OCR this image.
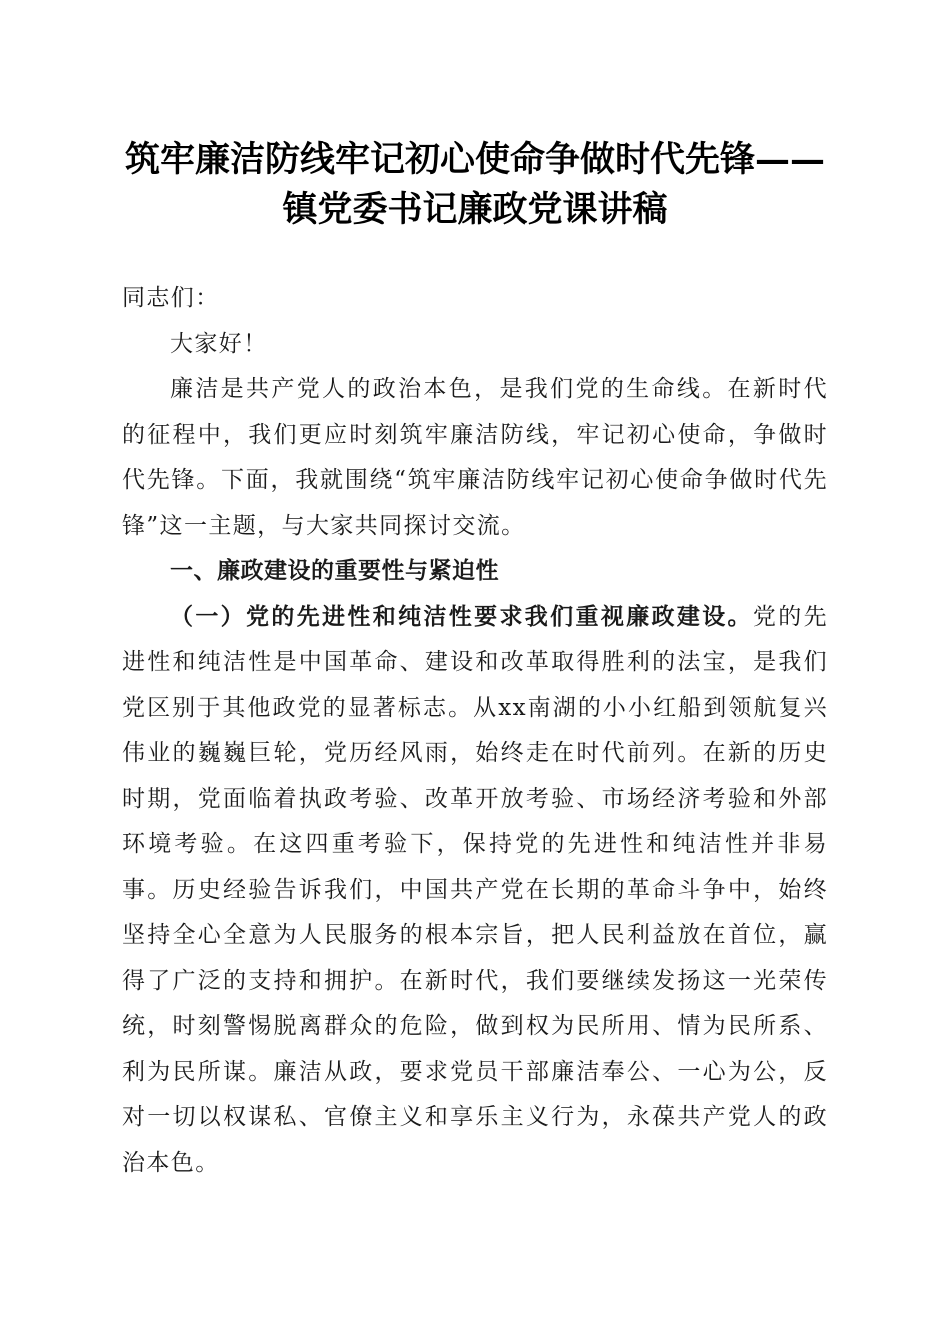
筑牢廉洁防线牢记初心使命争做时代先锋——
镇党委书记廉政党课讲稿

同志们：

大家好！

廉洁是共产党人的政治本色，是我们党的生命线。在新时代的征程中，我们更应时刻筑牢廉洁防线，牢记初心使命，争做时代先锋。下面，我就围绕“筑牢廉洁防线牢记初心使命争做时代先锋”这一主题，与大家共同探讨交流。

一、廉政建设的重要性与紧迫性

（一）党的先进性和纯洁性要求我们重视廉政建设。党的先进性和纯洁性是中国革命、建设和改革取得胜利的法宝，是我们党区别于其他政党的显著标志。从xx南湖的小小红船到领航复兴伟业的巍巍巨轮，党历经风雨，始终走在时代前列。在新的历史时期，党面临着执政考验、改革开放考验、市场经济考验和外部环境考验。在这四重考验下，保持党的先进性和纯洁性并非易事。历史经验告诉我们，中国共产党在长期的革命斗争中，始终坚持全心全意为人民服务的根本宗旨，把人民利益放在首位，赢得了广泛的支持和拥护。在新时代，我们要继续发扬这一光荣传统，时刻警惕脱离群众的危险，做到权为民所用、情为民所系、利为民所谋。廉洁从政，要求党员干部廉洁奉公、一心为公，反对一切以权谋私、官僚主义和享乐主义行为，永葆共产党人的政治本色。
